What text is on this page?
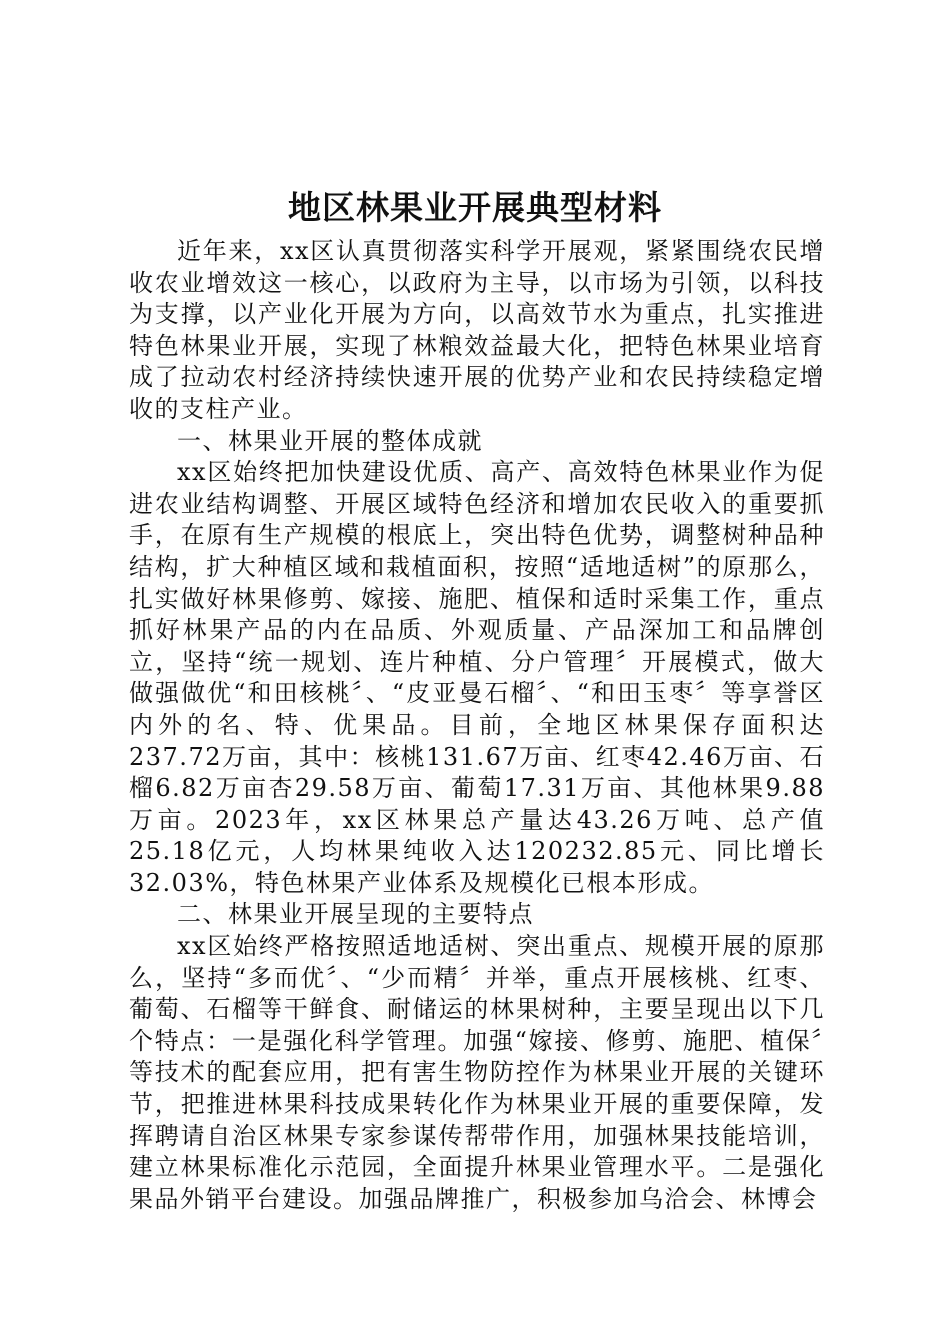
地区林果业开展典型材料

近年来，xx区认真贯彻落实科学开展观，紧紧围绕农民增收农业增效这一核心，以政府为主导，以市场为引领，以科技为支撑，以产业化开展为方向，以高效节水为重点，扎实推进特色林果业开展，实现了林粮效益最大化，把特色林果业培育成了拉动农村经济持续快速开展的优势产业和农民持续稳定增收的支柱产业。

一、林果业开展的整体成就

xx区始终把加快建设优质、高产、高效特色林果业作为促进农业结构调整、开展区域特色经济和增加农民收入的重要抓手，在原有生产规模的根底上，突出特色优势，调整树种品种结构，扩大种植区域和栽植面积，按照“适地适树”的原那么，扎实做好林果修剪、嫁接、施肥、植保和适时采集工作，重点抓好林果产品的内在品质、外观质量、产品深加工和品牌创立，坚持“统一规划、连片种植、分户管理〞开展模式，做大做强做优“和田核桃〞、“皮亚曼石榴〞、“和田玉枣〞等享誉区内外的名、特、优果品。目前，全地区林果保存面积达237.72万亩，其中：核桃131.67万亩、红枣42.46万亩、石榴6.82万亩杏29.58万亩、葡萄17.31万亩、其他林果9.88万亩。2023年，xx区林果总产量达43.26万吨、总产值25.18亿元，人均林果纯收入达120232.85元、同比增长32.03%，特色林果产业体系及规模化已根本形成。

二、林果业开展呈现的主要特点

xx区始终严格按照适地适树、突出重点、规模开展的原那么，坚持“多而优〞、“少而精〞并举，重点开展核桃、红枣、葡萄、石榴等干鲜食、耐储运的林果树种，主要呈现出以下几个特点：一是强化科学管理。加强“嫁接、修剪、施肥、植保〞等技术的配套应用，把有害生物防控作为林果业开展的关键环节，把推进林果科技成果转化作为林果业开展的重要保障，发挥聘请自治区林果专家参谋传帮带作用，加强林果技能培训，建立林果标准化示范园，全面提升林果业管理水平。二是强化果品外销平台建设。加强品牌推广，积极参加乌洽会、林博会
